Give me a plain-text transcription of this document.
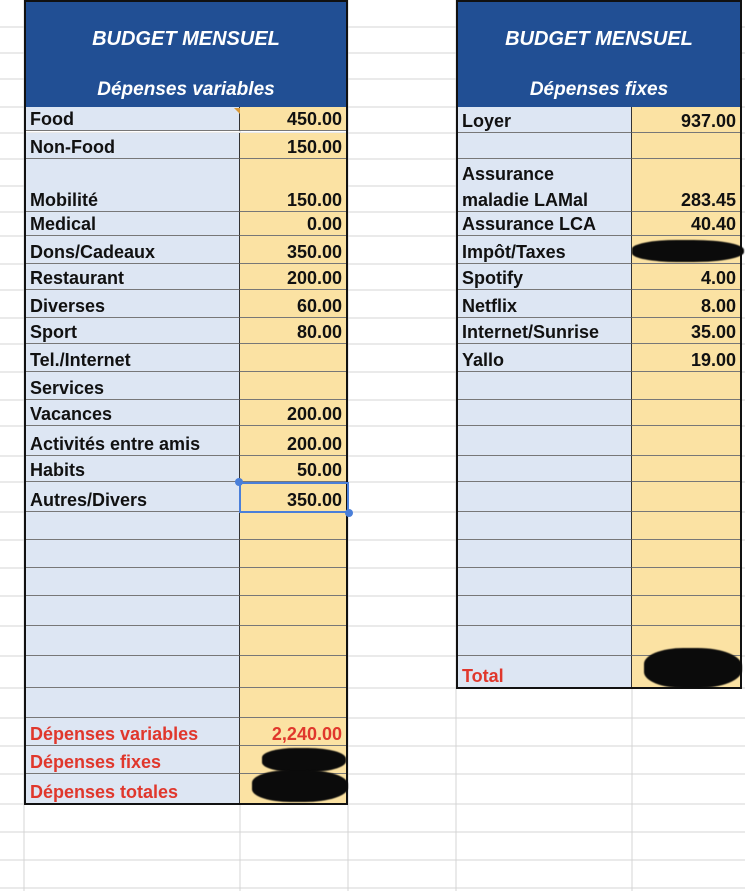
BUDGET MENSUEL
Dépenses variables
Food	450.00
Non-Food	150.00
Mobilité	150.00
Medical	0.00
Dons/Cadeaux	350.00
Restaurant	200.00
Diverses	60.00
Sport	80.00
Tel./Internet
Services
Vacances	200.00
Activités entre amis	200.00
Habits	50.00
Autres/Divers	350.00
Dépenses variables	2,240.00
Dépenses fixes
Dépenses totales
BUDGET MENSUEL
Dépenses fixes
Loyer	937.00
Assurance
maladie LAMal	283.45
Assurance LCA	40.40
Impôt/Taxes
Spotify	4.00
Netflix	8.00
Internet/Sunrise	35.00
Yallo	19.00
Total
